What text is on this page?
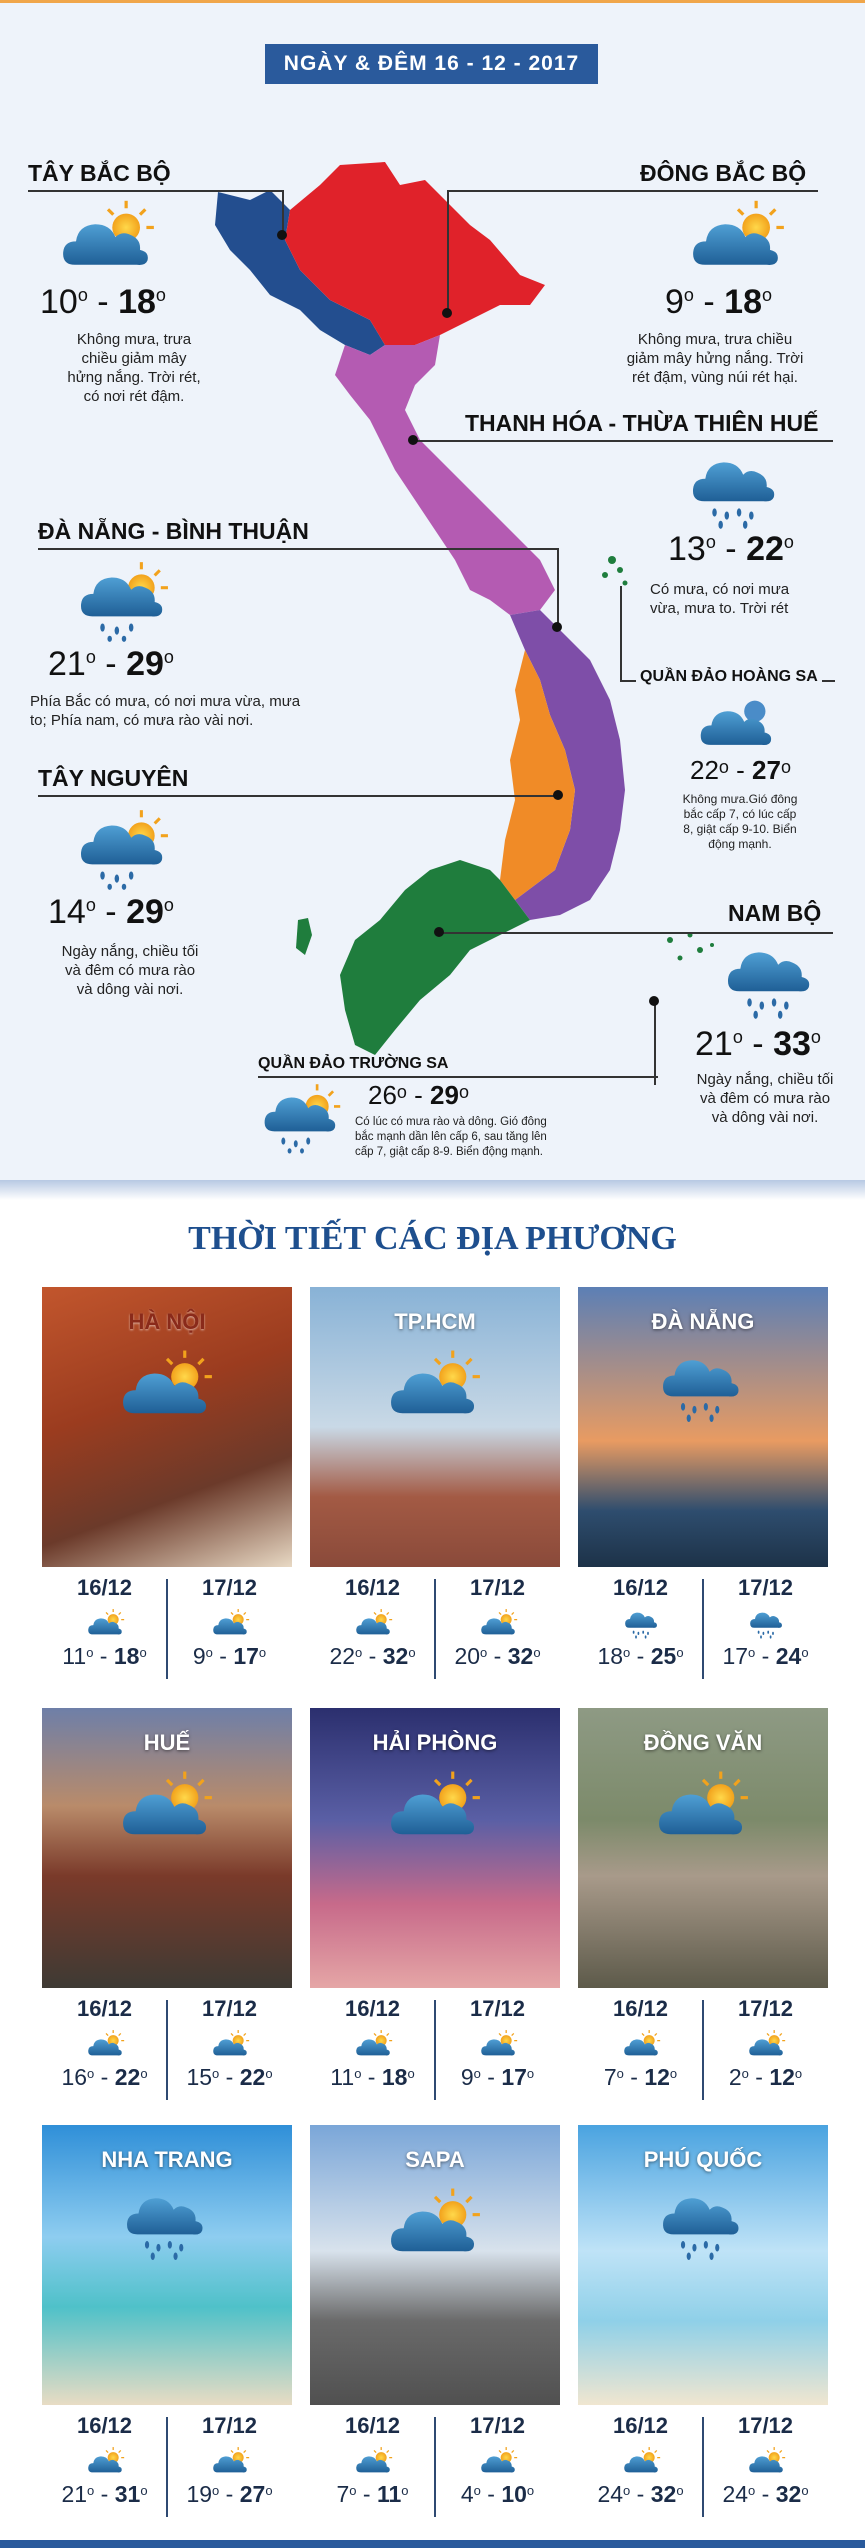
NGÀY & ĐÊM 16 - 12 - 2017
TÂY BẮC BỘ
10$^o$ - 18$^o$
Không mưa, trưa
chiều giảm mây
hửng nắng. Trời rét,
có nơi rét đậm.
ĐÔNG BẮC BỘ
9$^o$ - 18$^o$
Không mưa, trưa chiều
giảm mây hửng nắng. Trời
rét đậm, vùng núi rét hại.
THANH HÓA - THỪA THIÊN HUẾ
13$^o$ - 22$^o$
Có mưa, có nơi mưa
vừa, mưa to. Trời rét
ĐÀ NẴNG - BÌNH THUẬN
21$^o$ - 29$^o$
Phía Bắc có mưa, có nơi mưa vừa, mưa
to; Phía nam, có mưa rào vài nơi.
QUẦN ĐẢO HOÀNG SA
22$^o$ - 27$^o$
Không mưa.Gió đông
bắc cấp 7, có lúc cấp
8, giật cấp 9-10. Biển
động mạnh.
TÂY NGUYÊN
14$^o$ - 29$^o$
Ngày nắng, chiều tối
và đêm có mưa rào
và dông vài nơi.
NAM BỘ
21$^o$ - 33$^o$
Ngày nắng, chiều tối
và đêm có mưa rào
và dông vài nơi.
QUẦN ĐẢO TRƯỜNG SA
26$^o$ - 29$^o$
Có lúc có mưa rào và dông. Gió đông
bắc mạnh dần lên cấp 6, sau tăng lên
cấp 7, giật cấp 8-9. Biển động mạnh.
THỜI TIẾT CÁC ĐỊA PHƯƠNG
HÀ NỘI
16/12	17/12
11$^o$ - 18$^o$	9$^o$ - 17$^o$
TP.HCM
16/12	17/12
22$^o$ - 32$^o$	20$^o$ - 32$^o$
ĐÀ NẴNG
16/12	17/12
18$^o$ - 25$^o$	17$^o$ - 24$^o$
HUẾ
16/12	17/12
16$^o$ - 22$^o$	15$^o$ - 22$^o$
HẢI PHÒNG
16/12	17/12
11$^o$ - 18$^o$	9$^o$ - 17$^o$
ĐỒNG VĂN
16/12	17/12
7$^o$ - 12$^o$	2$^o$ - 12$^o$
NHA TRANG
16/12	17/12
21$^o$ - 31$^o$	19$^o$ - 27$^o$
SAPA
16/12	17/12
7$^o$ - 11$^o$	4$^o$ - 10$^o$
PHÚ QUỐC
16/12	17/12
24$^o$ - 32$^o$	24$^o$ - 32$^o$
